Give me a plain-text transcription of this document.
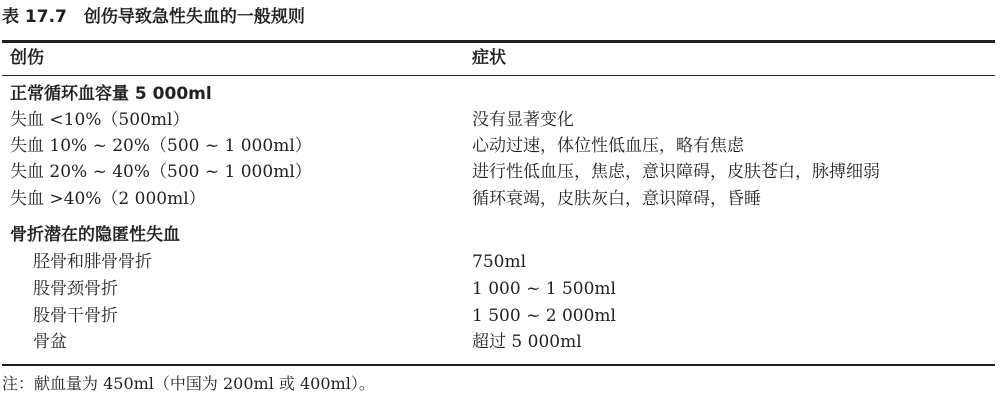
表 17.7　创伤导致急性失血的一般规则
创伤	症状
正常循环血容量 5 000ml
失血 <10%（500ml）	没有显著变化
失血 10% ~ 20%（500 ~ 1 000ml）	心动过速，体位性低血压，略有焦虑
失血 20% ~ 40%（500 ~ 1 000ml）	进行性低血压，焦虑，意识障碍，皮肤苍白，脉搏细弱
失血 >40%（2 000ml）	循环衰竭，皮肤灰白，意识障碍，昏睡
骨折潜在的隐匿性失血
胫骨和腓骨骨折	750ml
股骨颈骨折	1 000 ~ 1 500ml
股骨干骨折	1 500 ~ 2 000ml
骨盆	超过 5 000ml
注：献血量为 450ml（中国为 200ml 或 400ml）。
